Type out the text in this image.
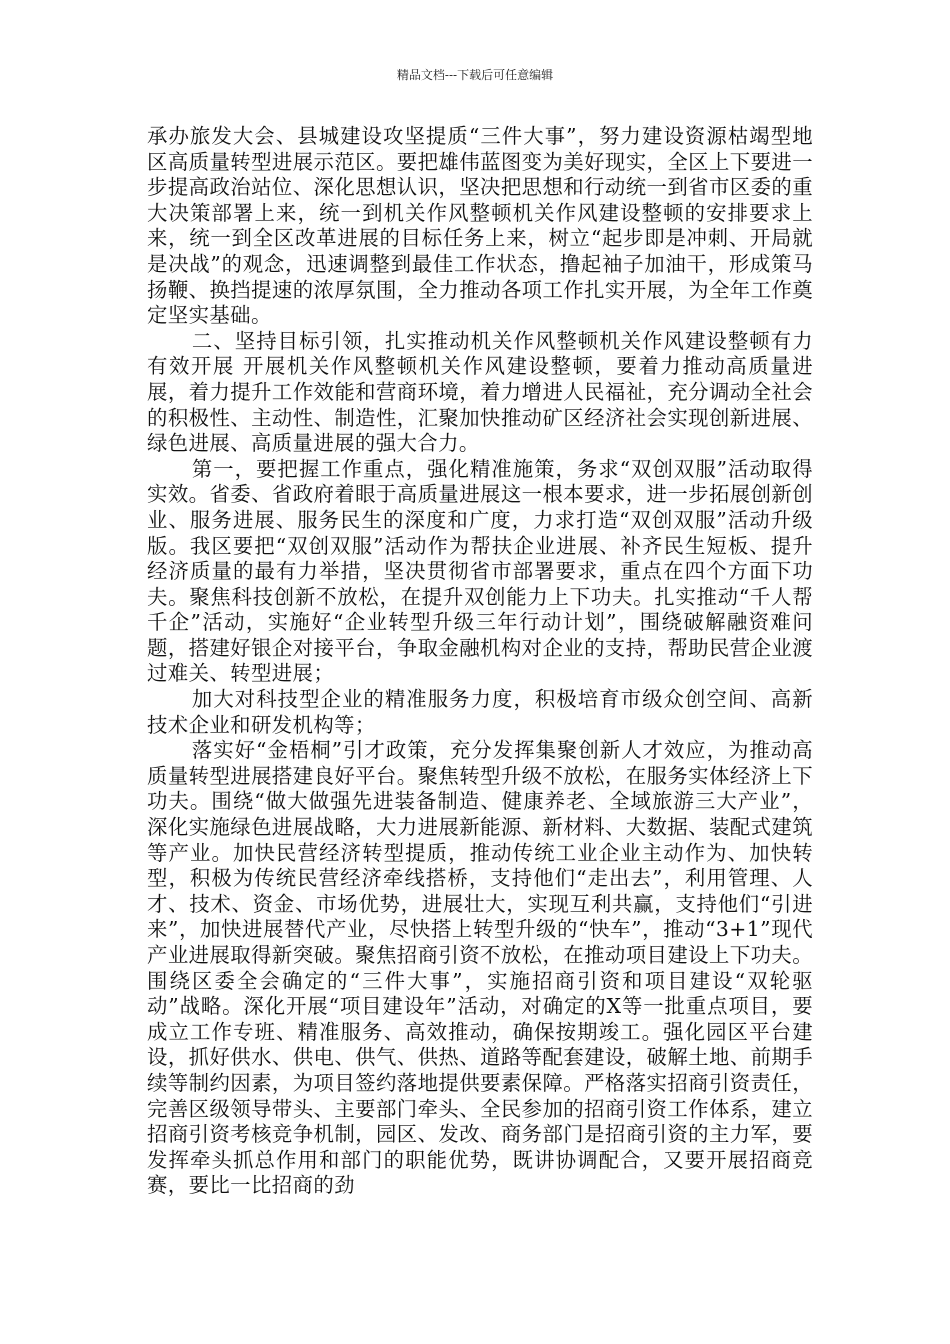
精品文档---下载后可任意编辑

承办旅发大会、县城建设攻坚提质“三件大事”，努力建设资源枯竭型地区高质量转型进展示范区。要把雄伟蓝图变为美好现实，全区上下要进一步提高政治站位、深化思想认识，坚决把思想和行动统一到省市区委的重大决策部署上来，统一到机关作风整顿机关作风建设整顿的安排要求上来，统一到全区改革进展的目标任务上来，树立“起步即是冲刺、开局就是决战”的观念，迅速调整到最佳工作状态，撸起袖子加油干，形成策马扬鞭、换挡提速的浓厚氛围，全力推动各项工作扎实开展，为全年工作奠定坚实基础。

二、坚持目标引领，扎实推动机关作风整顿机关作风建设整顿有力有效开展 开展机关作风整顿机关作风建设整顿，要着力推动高质量进展，着力提升工作效能和营商环境，着力增进人民福祉，充分调动全社会的积极性、主动性、制造性，汇聚加快推动矿区经济社会实现创新进展、绿色进展、高质量进展的强大合力。

第一，要把握工作重点，强化精准施策，务求“双创双服”活动取得实效。省委、省政府着眼于高质量进展这一根本要求，进一步拓展创新创业、服务进展、服务民生的深度和广度，力求打造“双创双服”活动升级版。我区要把“双创双服”活动作为帮扶企业进展、补齐民生短板、提升经济质量的最有力举措，坚决贯彻省市部署要求，重点在四个方面下功夫。聚焦科技创新不放松，在提升双创能力上下功夫。扎实推动“千人帮千企”活动，实施好“企业转型升级三年行动计划”，围绕破解融资难问题，搭建好银企对接平台，争取金融机构对企业的支持，帮助民营企业渡过难关、转型进展；

加大对科技型企业的精准服务力度，积极培育市级众创空间、高新技术企业和研发机构等；

落实好“金梧桐”引才政策，充分发挥集聚创新人才效应，为推动高质量转型进展搭建良好平台。聚焦转型升级不放松，在服务实体经济上下功夫。围绕“做大做强先进装备制造、健康养老、全域旅游三大产业”，深化实施绿色进展战略，大力进展新能源、新材料、大数据、装配式建筑等产业。加快民营经济转型提质，推动传统工业企业主动作为、加快转型，积极为传统民营经济牵线搭桥，支持他们“走出去”，利用管理、人才、技术、资金、市场优势，进展壮大，实现互利共赢，支持他们“引进来”，加快进展替代产业，尽快搭上转型升级的“快车”，推动“3+1”现代产业进展取得新突破。聚焦招商引资不放松，在推动项目建设上下功夫。围绕区委全会确定的“三件大事”，实施招商引资和项目建设“双轮驱动”战略。深化开展“项目建设年”活动，对确定的X等一批重点项目，要成立工作专班、精准服务、高效推动，确保按期竣工。强化园区平台建设，抓好供水、供电、供气、供热、道路等配套建设，破解土地、前期手续等制约因素，为项目签约落地提供要素保障。严格落实招商引资责任，完善区级领导带头、主要部门牵头、全民参加的招商引资工作体系，建立招商引资考核竞争机制，园区、发改、商务部门是招商引资的主力军，要发挥牵头抓总作用和部门的职能优势，既讲协调配合，又要开展招商竞赛，要比一比招商的劲
